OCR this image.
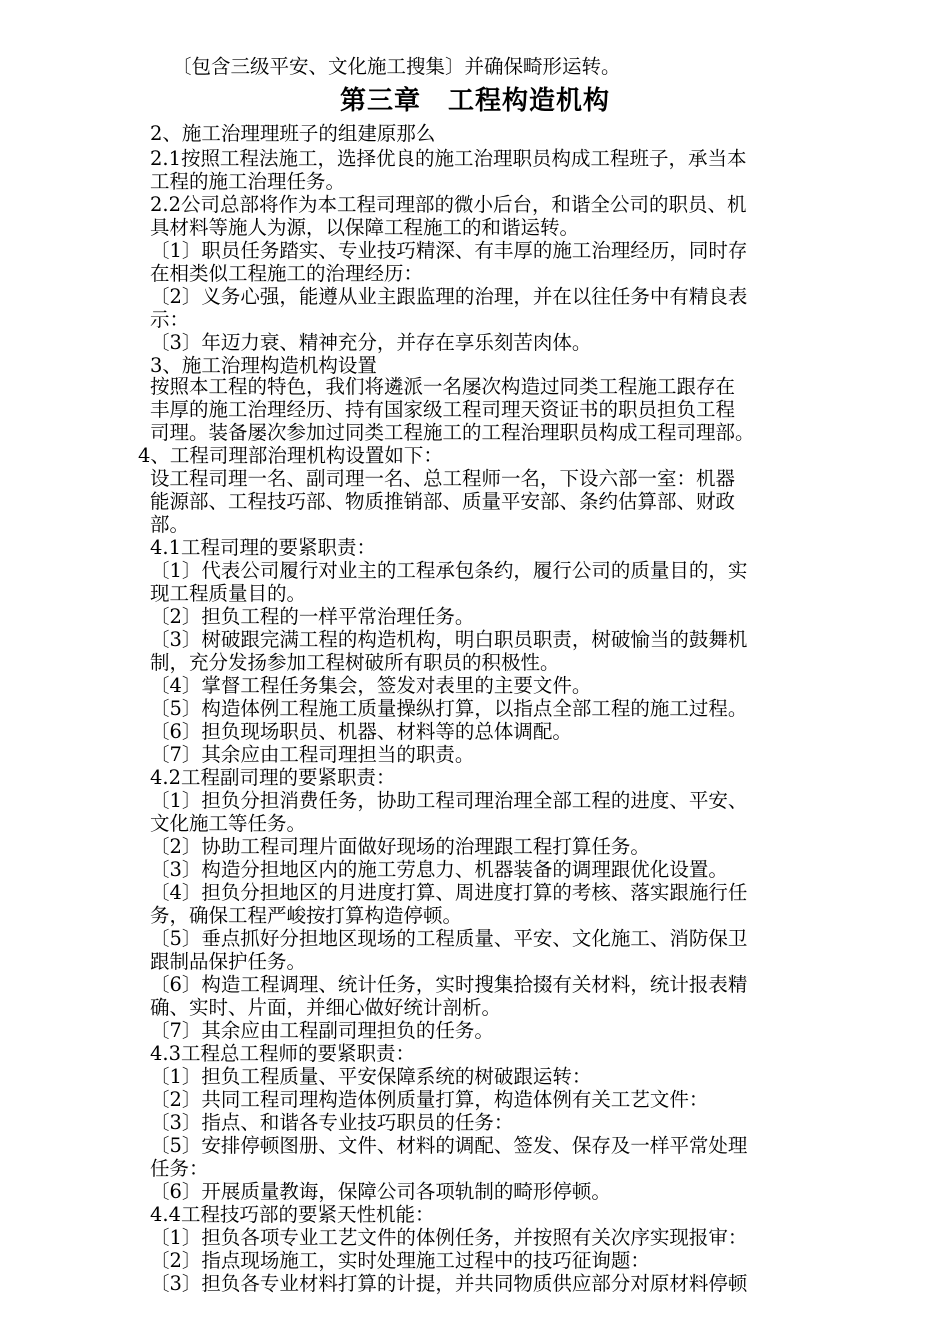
〔包含三级平安、文化施工搜集〕并确保畸形运转。
第三章　工程构造机构
2、施工治理理班子的组建原那么
2.1按照工程法施工，选择优良的施工治理职员构成工程班子，承当本
工程的施工治理任务。
2.2公司总部将作为本工程司理部的微小后台，和谐全公司的职员、机
具材料等施人为源，以保障工程施工的和谐运转。
〔1〕职员任务踏实、专业技巧精深、有丰厚的施工治理经历，同时存
在相类似工程施工的治理经历：
〔2〕义务心强，能遵从业主跟监理的治理，并在以往任务中有精良表
示：
〔3〕年迈力衰、精神充分，并存在享乐刻苦肉体。
3、施工治理构造机构设置
按照本工程的特色，我们将遴派一名屡次构造过同类工程施工跟存在
丰厚的施工治理经历、持有国家级工程司理天资证书的职员担负工程
司理。装备屡次参加过同类工程施工的工程治理职员构成工程司理部。
4、工程司理部治理机构设置如下：
设工程司理一名、副司理一名、总工程师一名，下设六部一室：机器
能源部、工程技巧部、物质推销部、质量平安部、条约估算部、财政
部。
4.1工程司理的要紧职责：
〔1〕代表公司履行对业主的工程承包条约，履行公司的质量目的，实
现工程质量目的。
〔2〕担负工程的一样平常治理任务。
〔3〕树破跟完满工程的构造机构，明白职员职责，树破愉当的鼓舞机
制，充分发扬参加工程树破所有职员的积极性。
〔4〕掌督工程任务集会，签发对表里的主要文件。
〔5〕构造体例工程施工质量操纵打算，以指点全部工程的施工过程。
〔6〕担负现场职员、机器、材料等的总体调配。
〔7〕其余应由工程司理担当的职责。
4.2工程副司理的要紧职责：
〔1〕担负分担消费任务，协助工程司理治理全部工程的进度、平安、
文化施工等任务。
〔2〕协助工程司理片面做好现场的治理跟工程打算任务。
〔3〕构造分担地区内的施工劳息力、机器装备的调理跟优化设置。
〔4〕担负分担地区的月进度打算、周进度打算的考核、落实跟施行任
务，确保工程严峻按打算构造停顿。
〔5〕垂点抓好分担地区现场的工程质量、平安、文化施工、消防保卫
跟制品保护任务。
〔6〕构造工程调理、统计任务，实时搜集拾掇有关材料，统计报表精
确、实时、片面，并细心做好统计剖析。
〔7〕其余应由工程副司理担负的任务。
4.3工程总工程师的要紧职责：
〔1〕担负工程质量、平安保障系统的树破跟运转：
〔2〕共同工程司理构造体例质量打算，构造体例有关工艺文件：
〔3〕指点、和谐各专业技巧职员的任务：
〔5〕安排停顿图册、文件、材料的调配、签发、保存及一样平常处理
任务：
〔6〕开展质量教诲，保障公司各项轨制的畸形停顿。
4.4工程技巧部的要紧天性机能：
〔1〕担负各项专业工艺文件的体例任务，并按照有关次序实现报审：
〔2〕指点现场施工，实时处理施工过程中的技巧征询题：
〔3〕担负各专业材料打算的计提，并共同物质供应部分对原材料停顿
